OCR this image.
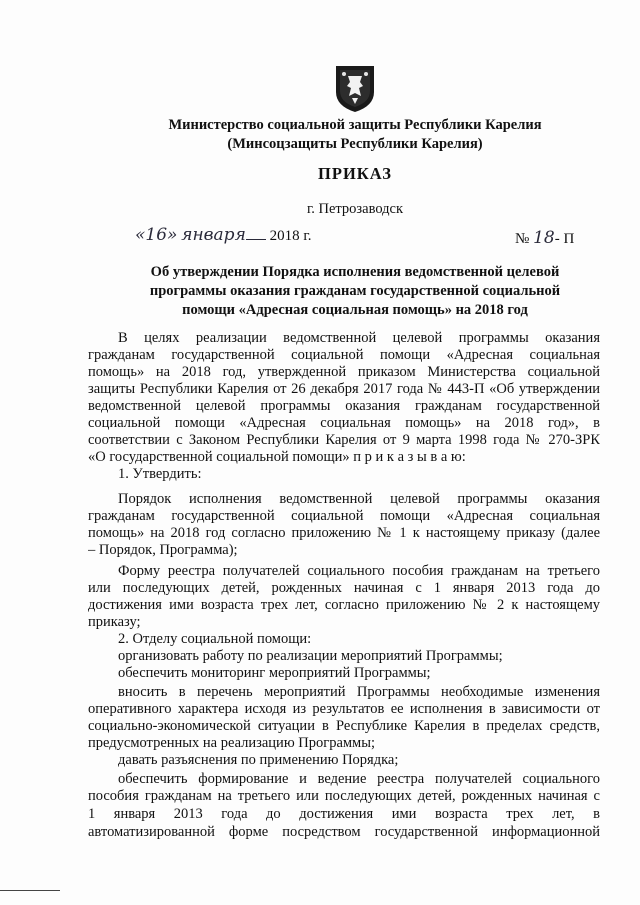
Министерство социальной защиты Республики Карелия
(Минсоцзащиты Республики Карелия)
ПРИКАЗ
г. Петрозаводск
«16» января 2018 г.	№ 18- П
Об утверждении Порядка исполнения ведомственной целевой
программы оказания гражданам государственной социальной
помощи «Адресная социальная помощь» на 2018 год
В целях реализации ведомственной целевой программы оказания
гражданам государственной социальной помощи «Адресная социальная
помощь» на 2018 год, утвержденной приказом Министерства социальной
защиты Республики Карелия от 26 декабря 2017 года № 443-П «Об утверждении
ведомственной целевой программы оказания гражданам государственной
социальной помощи «Адресная социальная помощь» на 2018 год», в
соответствии с Законом Республики Карелия от 9 марта 1998 года № 270-ЗРК
«О государственной социальной помощи» п р и к а з ы в а ю:
1. Утвердить:
Порядок исполнения ведомственной целевой программы оказания
гражданам государственной социальной помощи «Адресная социальная
помощь» на 2018 год согласно приложению № 1 к настоящему приказу (далее
– Порядок, Программа);
Форму реестра получателей социального пособия гражданам на третьего
или последующих детей, рожденных начиная с 1 января 2013 года до
достижения ими возраста трех лет, согласно приложению № 2 к настоящему
приказу;
2. Отделу социальной помощи:
организовать работу по реализации мероприятий Программы;
обеспечить мониторинг мероприятий Программы;
вносить в перечень мероприятий Программы необходимые изменения
оперативного характера исходя из результатов ее исполнения в зависимости от
социально-экономической ситуации в Республике Карелия в пределах средств,
предусмотренных на реализацию Программы;
давать разъяснения по применению Порядка;
обеспечить формирование и ведение реестра получателей социального
пособия гражданам на третьего или последующих детей, рожденных начиная с
1 января 2013 года до достижения ими возраста трех лет, в
автоматизированной форме посредством государственной информационной
